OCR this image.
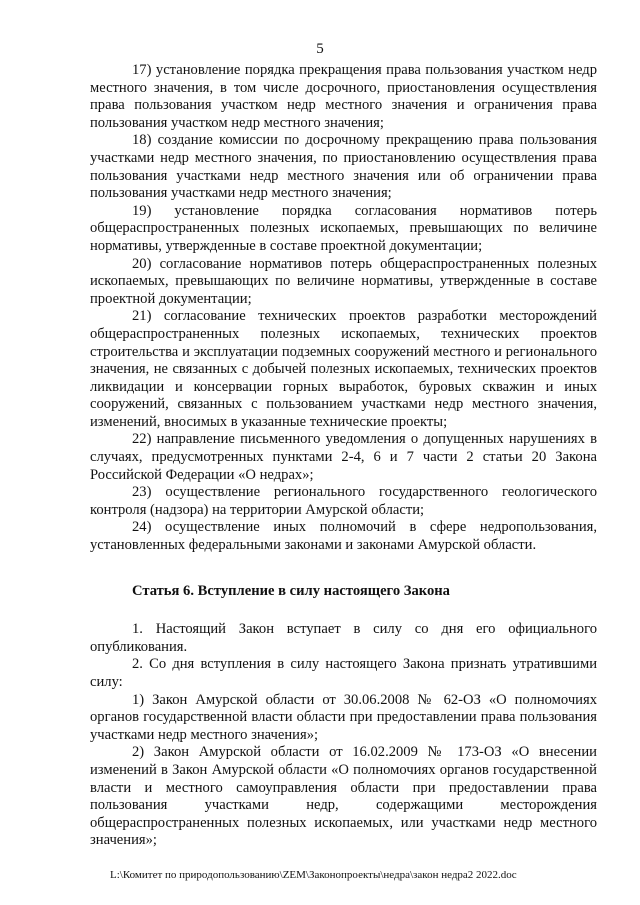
5

17) установление порядка прекращения права пользования участком недр местного значения, в том числе досрочного, приостановления осуществления права пользования участком недр местного значения и ограничения права пользования участком недр местного значения;

18) создание комиссии по досрочному прекращению права пользования участками недр местного значения, по приостановлению осуществления права пользования участками недр местного значения или об ограничении права пользования участками недр местного значения;

19) установление порядка согласования нормативов потерь общераспространенных полезных ископаемых, превышающих по величине нормативы, утвержденные в составе проектной документации;

20) согласование нормативов потерь общераспространенных полезных ископаемых, превышающих по величине нормативы, утвержденные в составе проектной документации;

21) согласование технических проектов разработки месторождений общераспространенных полезных ископаемых, технических проектов строительства и эксплуатации подземных сооружений местного и регионального значения, не связанных с добычей полезных ископаемых, технических проектов ликвидации и консервации горных выработок, буровых скважин и иных сооружений, связанных с пользованием участками недр местного значения, изменений, вносимых в указанные технические проекты;

22) направление письменного уведомления о допущенных нарушениях в случаях, предусмотренных пунктами 2-4, 6 и 7 части 2 статьи 20 Закона Российской Федерации «О недрах»;

23) осуществление регионального государственного геологического контроля (надзора) на территории Амурской области;

24) осуществление иных полномочий в сфере недропользования, установленных федеральными законами и законами Амурской области.

Статья 6. Вступление в силу настоящего Закона

1. Настоящий Закон вступает в силу со дня его официального опубликования.

2. Со дня вступления в силу настоящего Закона признать утратившими силу:

1) Закон Амурской области от 30.06.2008 № 62-ОЗ «О полномочиях органов государственной власти области при предоставлении права пользования участками недр местного значения»;

2) Закон Амурской области от 16.02.2009 № 173-ОЗ «О внесении изменений в Закон Амурской области «О полномочиях органов государственной власти и местного самоуправления области при предоставлении права пользования участками недр, содержащими месторождения общераспространенных полезных ископаемых, или участками недр местного значения»;

L:\Комитет по природопользованию\ZEM\Законопроекты\недра\закон недра2 2022.doc
